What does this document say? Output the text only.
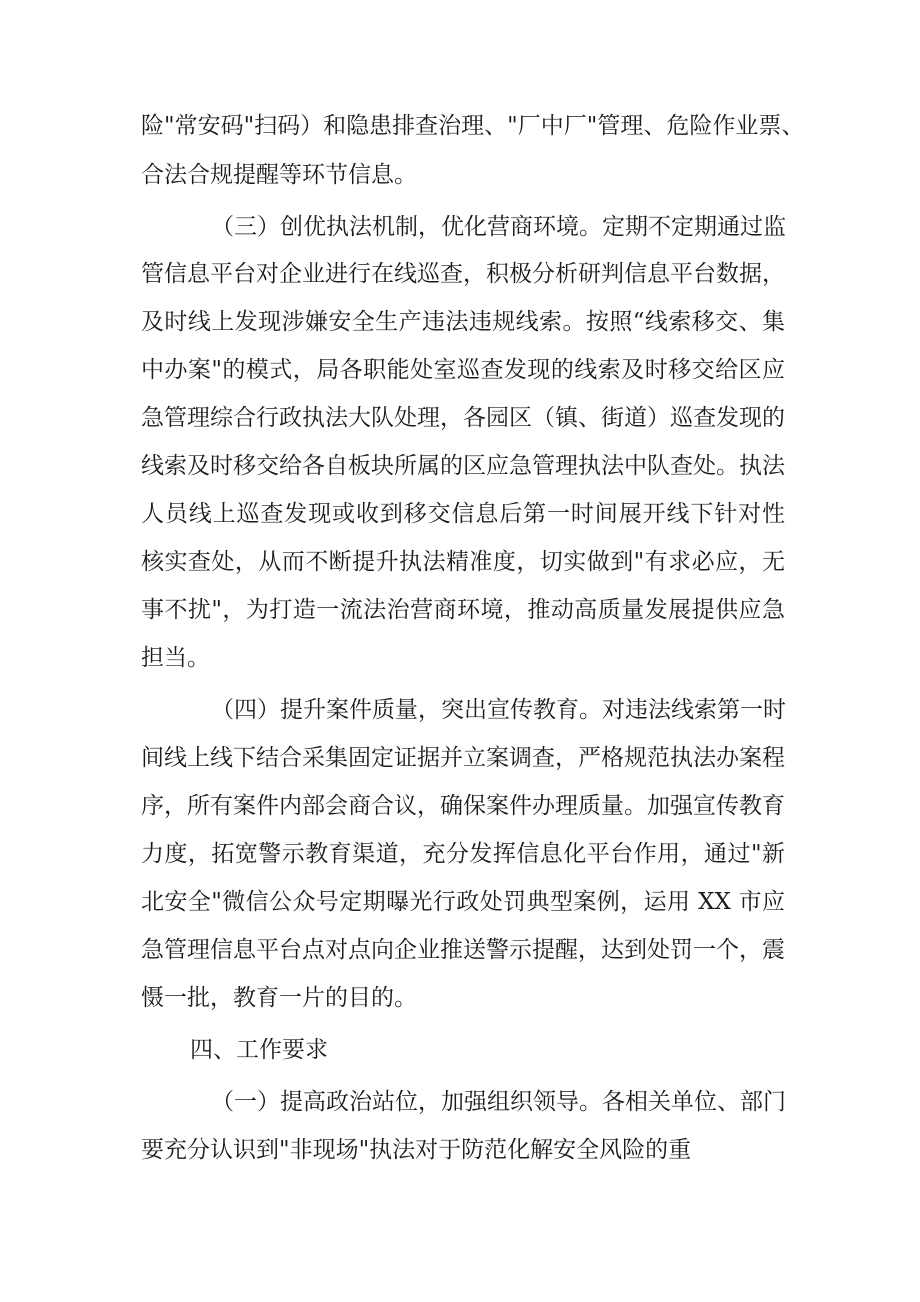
险"常安码"扫码）和隐患排查治理、"厂中厂"管理、危险作业票、
合法合规提醒等环节信息。
（三）创优执法机制，优化营商环境。定期不定期通过监
管信息平台对企业进行在线巡查，积极分析研判信息平台数据，
及时线上发现涉嫌安全生产违法违规线索。按照“线索移交、集
中办案"的模式，局各职能处室巡查发现的线索及时移交给区应
急管理综合行政执法大队处理，各园区（镇、街道）巡查发现的
线索及时移交给各自板块所属的区应急管理执法中队查处。执法
人员线上巡查发现或收到移交信息后第一时间展开线下针对性
核实查处，从而不断提升执法精准度，切实做到"有求必应，无
事不扰"，为打造一流法治营商环境，推动高质量发展提供应急
担当。
（四）提升案件质量，突出宣传教育。对违法线索第一时
间线上线下结合采集固定证据并立案调查，严格规范执法办案程
序，所有案件内部会商合议，确保案件办理质量。加强宣传教育
力度，拓宽警示教育渠道，充分发挥信息化平台作用，通过"新
北安全"微信公众号定期曝光行政处罚典型案例，运用 XX 市应
急管理信息平台点对点向企业推送警示提醒，达到处罚一个，震
慑一批，教育一片的目的。
四、工作要求
（一）提高政治站位，加强组织领导。各相关单位、部门
要充分认识到"非现场"执法对于防范化解安全风险的重
